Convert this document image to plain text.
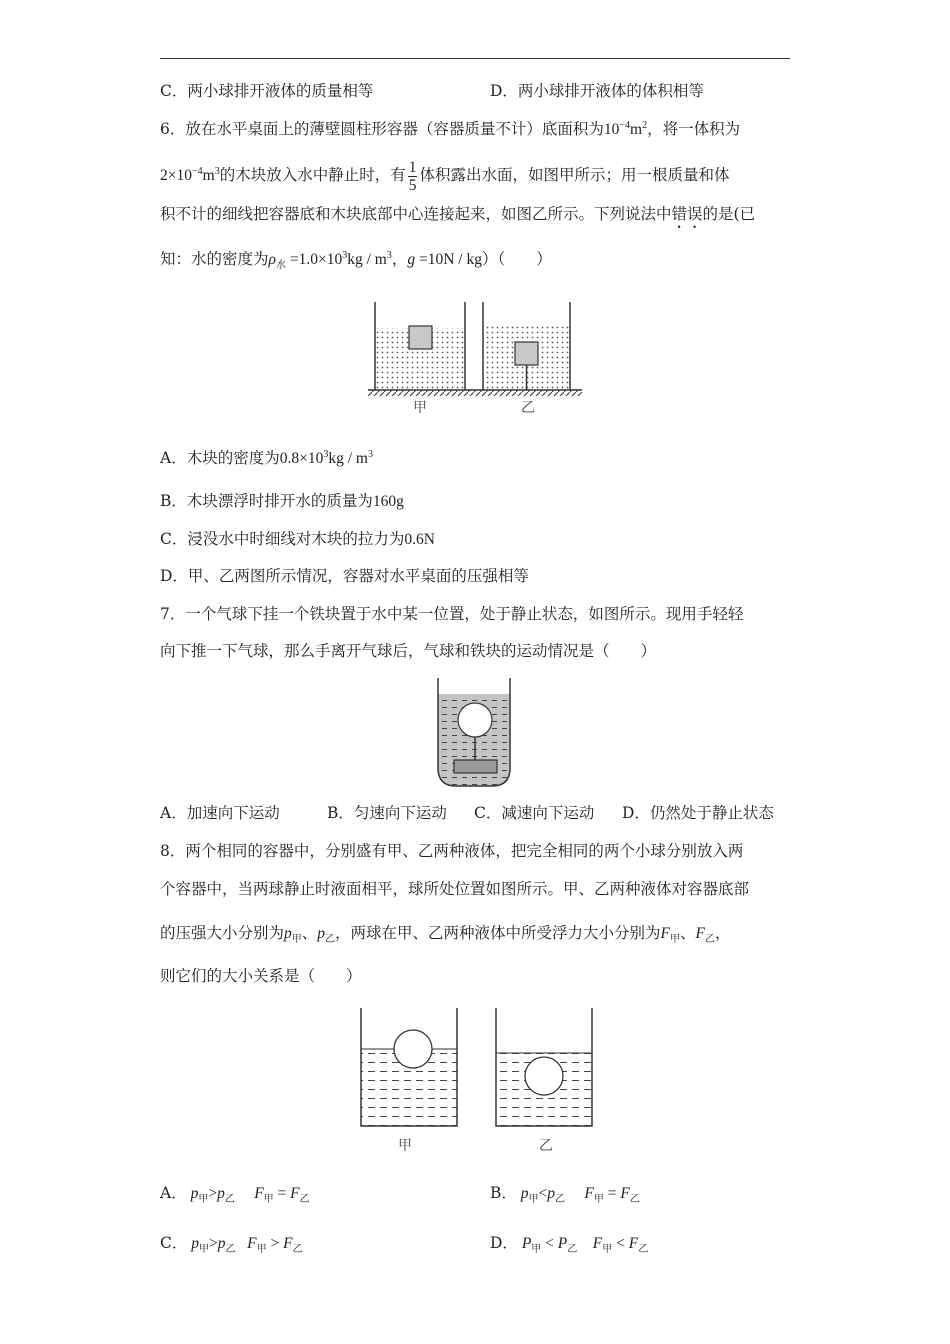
C．两小球排开液体的质量相等	D．两小球排开液体的体积相等
6．放在水平桌面上的薄壁圆柱形容器（容器质量不计）底面积为$10^{-4}m^2$，将一体积为
$2\times 10^{-4}m^3$的木块放入水中静止时，有 $\frac{1}{5}$ 体积露出水面，如图甲所示；用一根质量和体
积不计的细线把容器底和木块底部中心连接起来，如图乙所示。下列说法中错误的是(已
知：水的密度为$\rho_水 =1.0\times 10^3kg / m^3$，g =10N / kg）（　　）
甲	乙
A．木块的密度为$0.8\times 10^3kg / m^3$
B．木块漂浮时排开水的质量为160g
C．浸没水中时细线对木块的拉力为0.6N
D．甲、乙两图所示情况，容器对水平桌面的压强相等
7．一个气球下挂一个铁块置于水中某一位置，处于静止状态，如图所示。现用手轻轻
向下推一下气球，那么手离开气球后，气球和铁块的运动情况是（　　）
A．加速向下运动	B．匀速向下运动 C．减速向下运动 D．仍然处于静止状态
8．两个相同的容器中，分别盛有甲、乙两种液体，把完全相同的两个小球分别放入两
个容器中，当两球静止时液面相平，球所处位置如图所示。甲、乙两种液体对容器底部
的压强大小分别为$p_甲$、$p_乙$，两球在甲、乙两种液体中所受浮力大小分别为$F_甲$、$F_乙$，
则它们的大小关系是（　　）
甲	乙
A． $p_甲>p_乙$ $F_甲 = F_乙$	B． $p_甲<p_乙$ $F_甲 = F_乙$
C． $p_甲>p_乙$ $F_甲 > F_乙$	D． $P_甲 < P_乙$ $F_甲 < F_乙$
